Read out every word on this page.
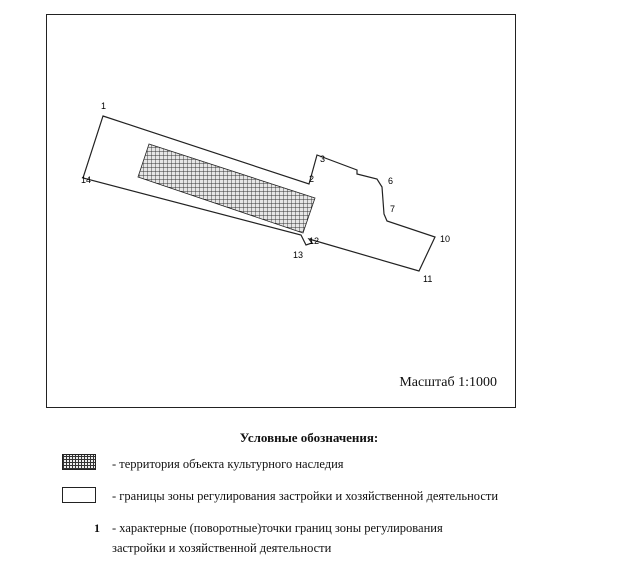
1
2
3
6
7
10
11
12
13
14
Масштаб 1:1000
Условные обозначения:
- территория объекта культурного наследия
- границы зоны регулирования застройки и хозяйственной деятельности
1 - характерные (поворотные)точки границ зоны регулирования
застройки и хозяйственной деятельности
